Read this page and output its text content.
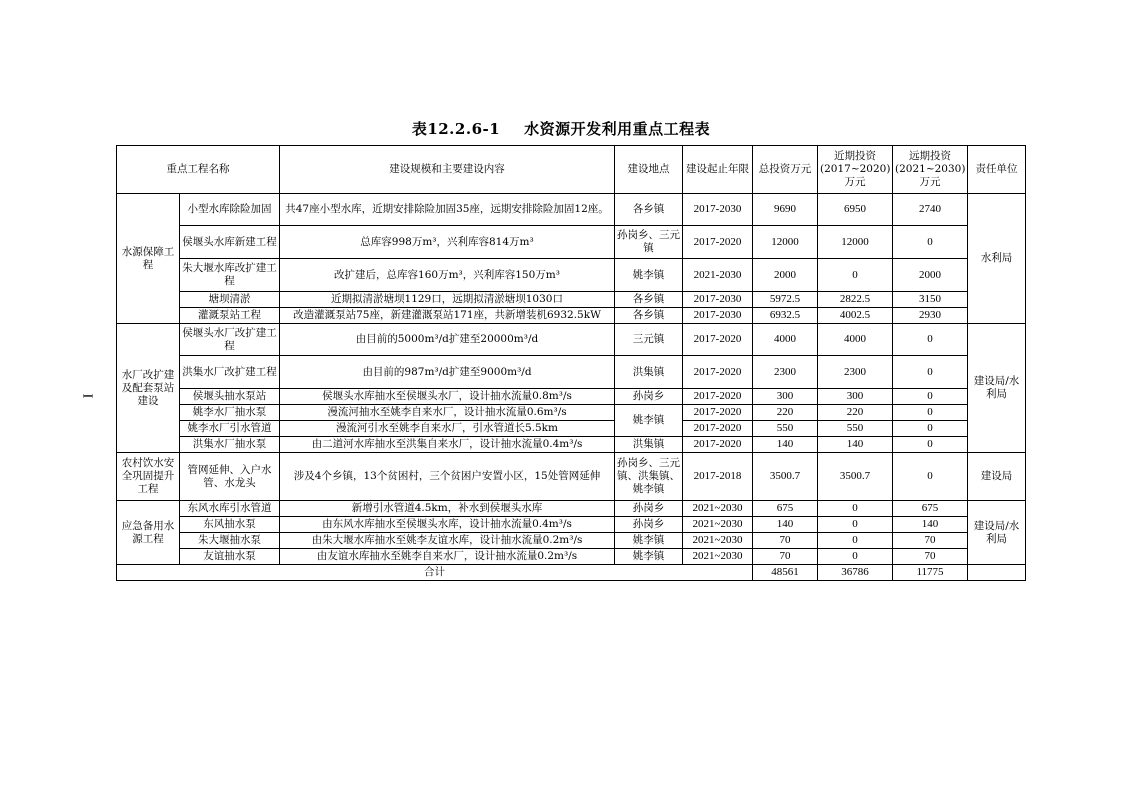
I
表12.2.6-1 水资源开发利用重点工程表
重点工程名称		建设规模和主要建设内容	建设地点	建设起止年限	总投资万元	近期投资(2017~2020)万元	远期投资(2021~2030)万元	责任单位
水源保障工程	小型水库除险加固	共47座小型水库，近期安排除险加固35座，远期安排除险加固12座。	各乡镇	2017-2030	9690	6950	2740	水利局
	侯堰头水库新建工程	总库容998万m³，兴利库容814万m³	孙岗乡、三元镇	2017-2020	12000	12000	0	
	朱大堰水库改扩建工程	改扩建后，总库容160万m³，兴利库容150万m³	姚李镇	2021-2030	2000	0	2000	
	塘坝清淤	近期拟清淤塘坝1129口，远期拟清淤塘坝1030口	各乡镇	2017-2030	5972.5	2822.5	3150	
	灌溉泵站工程	改造灌溉泵站75座，新建灌溉泵站171座，共新增装机6932.5kW	各乡镇	2017-2030	6932.5	4002.5	2930	
水厂改扩建及配套泵站建设	侯堰头水厂改扩建工程	由目前的5000m³/d扩建至20000m³/d	三元镇	2017-2020	4000	4000	0	建设局/水利局
	洪集水厂改扩建工程	由目前的987m³/d扩建至9000m³/d	洪集镇	2017-2020	2300	2300	0	
	侯堰头抽水泵站	侯堰头水库抽水至侯堰头水厂，设计抽水流量0.8m³/s	孙岗乡	2017-2020	300	300	0	
	姚李水厂抽水泵	漫流河抽水至姚李自来水厂，设计抽水流量0.6m³/s	姚李镇	2017-2020	220	220	0	
	姚李水厂引水管道	漫流河引水至姚李自来水厂，引水管道长5.5km		2017-2020	550	550	0	
	洪集水厂抽水泵	由二道河水库抽水至洪集自来水厂，设计抽水流量0.4m³/s	洪集镇	2017-2020	140	140	0	
农村饮水安全巩固提升工程	管网延伸、入户水管、水龙头	涉及4个乡镇，13个贫困村，三个贫困户安置小区，15处管网延伸	孙岗乡、三元镇、洪集镇、姚李镇	2017-2018	3500.7	3500.7	0	建设局
应急备用水源工程	东风水库引水管道	新增引水管道4.5km，补水到侯堰头水库	孙岗乡	2021~2030	675	0	675	建设局/水利局
	东风抽水泵	由东风水库抽水至侯堰头水库，设计抽水流量0.4m³/s	孙岗乡	2021~2030	140	0	140	
	朱大堰抽水泵	由朱大堰水库抽水至姚李友谊水库，设计抽水流量0.2m³/s	姚李镇	2021~2030	70	0	70	
	友谊抽水泵	由友谊水库抽水至姚李自来水厂，设计抽水流量0.2m³/s	姚李镇	2021~2030	70	0	70	
合计					48561	36786	11775	
